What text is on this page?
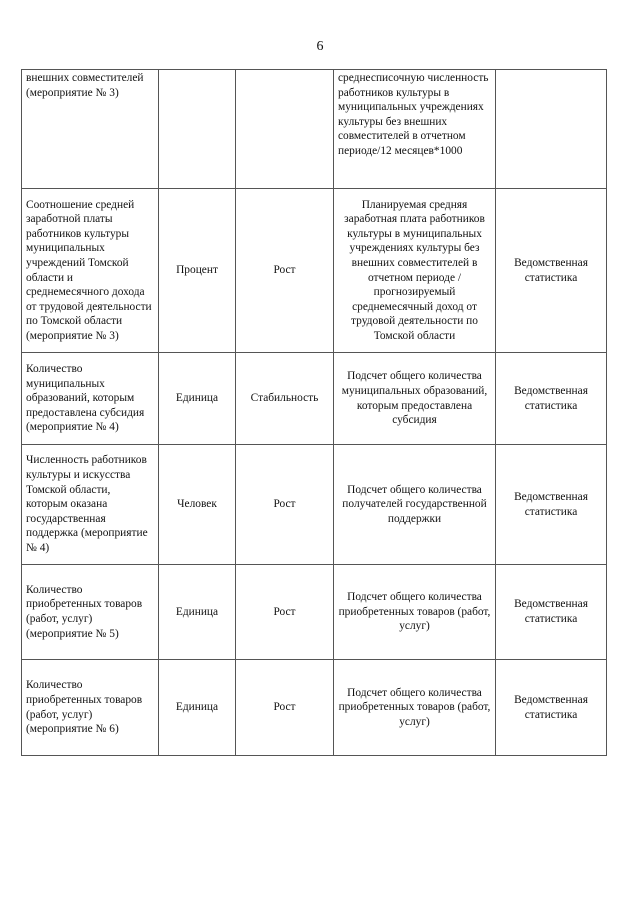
6
внешних совместителей (мероприятие № 3)			среднесписочную численность работников культуры в муниципальных учреждениях культуры без внешних совместителей в отчетном периоде/12 месяцев*1000	
Соотношение средней заработной платы работников культуры муниципальных учреждений Томской области и среднемесячного дохода от трудовой деятельности по Томской области (мероприятие № 3)	Процент	Рост	Планируемая средняя заработная плата работников культуры в муниципальных учреждениях культуры без внешних совместителей в отчетном периоде / прогнозируемый среднемесячный доход от трудовой деятельности по Томской области	Ведомственная статистика
Количество муниципальных образований, которым предоставлена субсидия (мероприятие № 4)	Единица	Стабильность	Подсчет общего количества муниципальных образований, которым предоставлена субсидия	Ведомственная статистика
Численность работников культуры и искусства Томской области, которым оказана государственная поддержка (мероприятие № 4)	Человек	Рост	Подсчет общего количества получателей государственной поддержки	Ведомственная статистика
Количество приобретенных товаров (работ, услуг) (мероприятие № 5)	Единица	Рост	Подсчет общего количества приобретенных товаров (работ, услуг)	Ведомственная статистика
Количество приобретенных товаров (работ, услуг) (мероприятие № 6)	Единица	Рост	Подсчет общего количества приобретенных товаров (работ, услуг)	Ведомственная статистика
